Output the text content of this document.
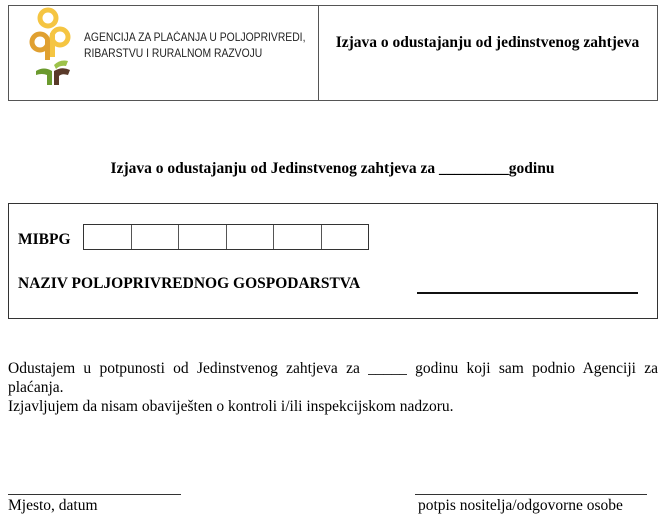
AGENCIJA ZA PLAĆANJA U POLJOPRIVREDI,
RIBARSTVU I RURALNOM RAZVOJU
Izjava o odustajanju od jedinstvenog zahtjeva
Izjava o odustajanju od Jedinstvenog zahtjeva za _________godinu
MIBPG
NAZIV POLJOPRIVREDNOG GOSPODARSTVA
Odustajem u potpunosti od Jedinstvenog zahtjeva za _____ godinu koji sam podnio Agenciji za plaćanja.
Izjavljujem da nisam obaviješten o kontroli i/ili inspekcijskom nadzoru.
Mjesto, datum	potpis nositelja/odgovorne osobe
